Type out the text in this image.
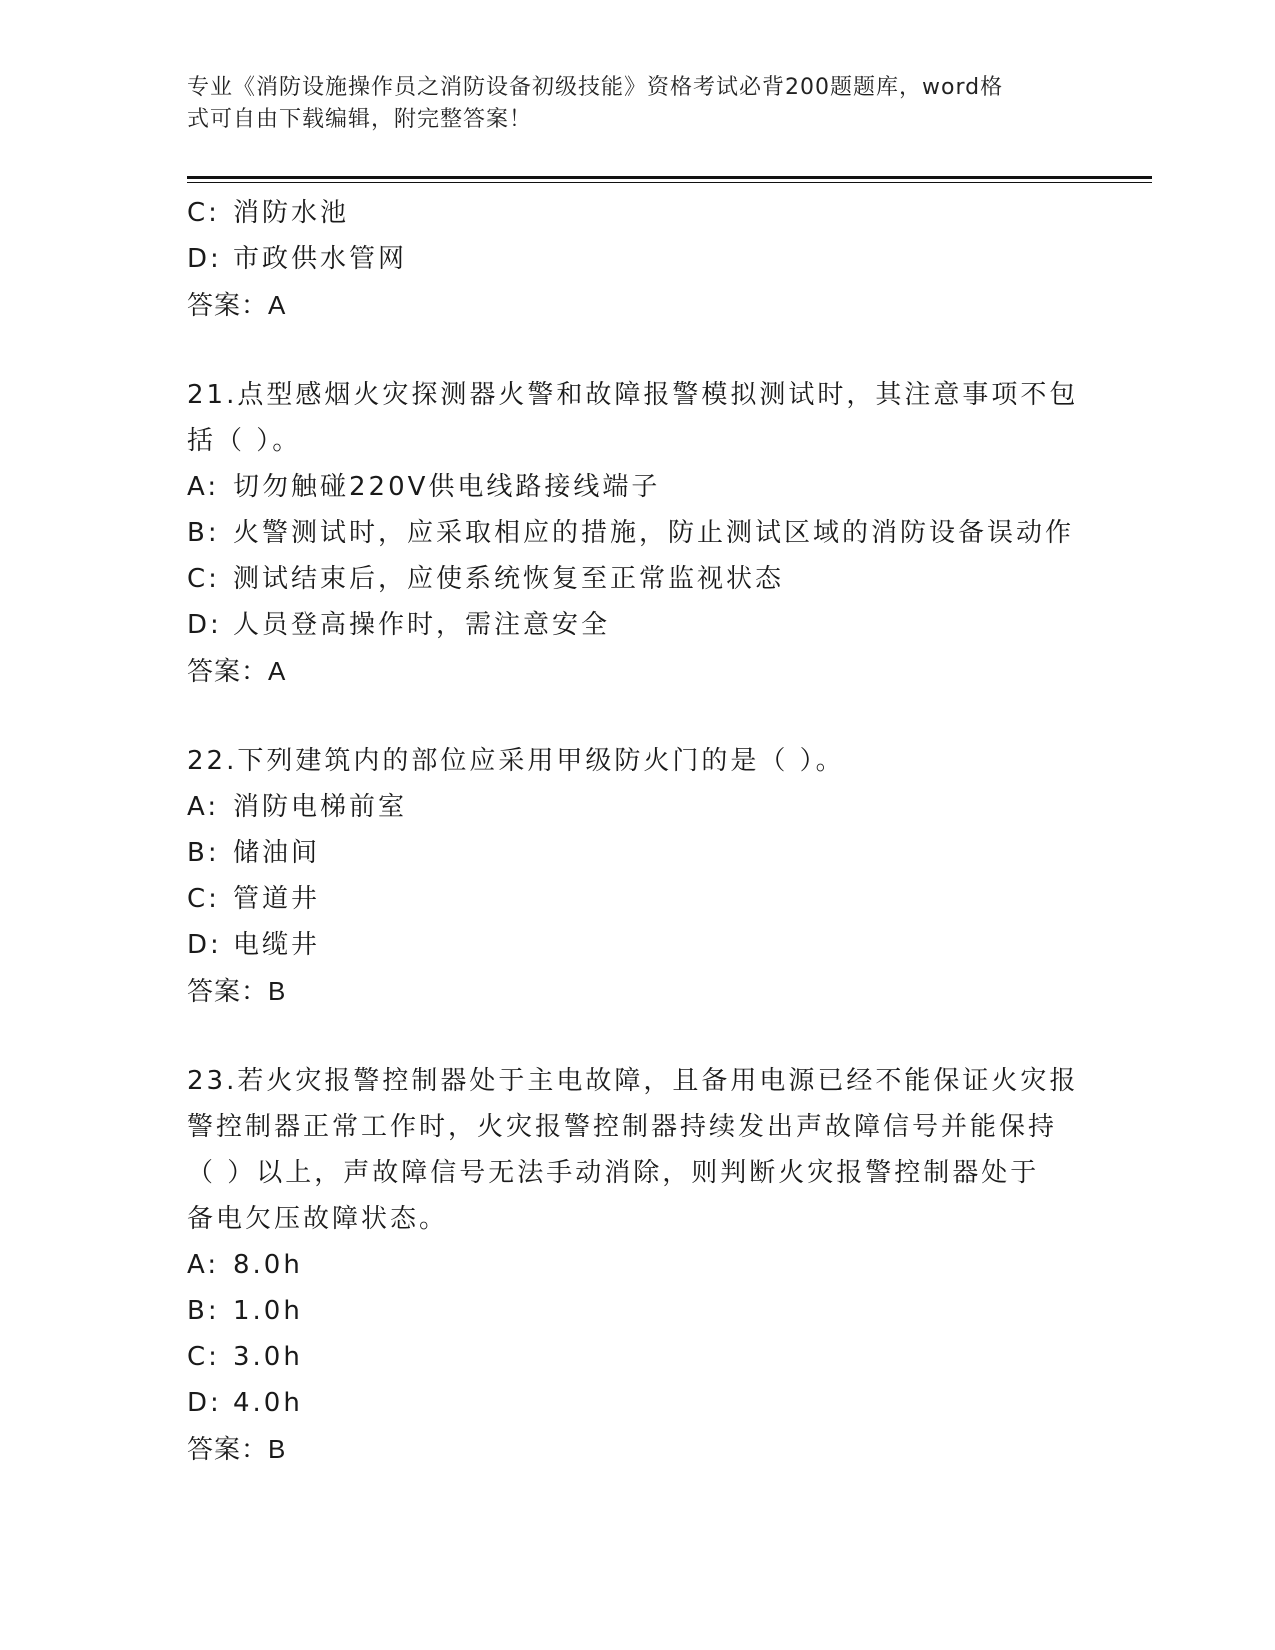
专业《消防设施操作员之消防设备初级技能》资格考试必背200题题库，word格
式可自由下载编辑，附完整答案！
C: 消防水池
D: 市政供水管网
答案：A
21.点型感烟火灾探测器火警和故障报警模拟测试时，其注意事项不包
括（ ）。
A: 切勿触碰220V供电线路接线端子
B: 火警测试时，应采取相应的措施，防止测试区域的消防设备误动作
C: 测试结束后，应使系统恢复至正常监视状态
D: 人员登高操作时，需注意安全
答案：A
22.下列建筑内的部位应采用甲级防火门的是（ ）。
A: 消防电梯前室
B: 储油间
C: 管道井
D: 电缆井
答案：B
23.若火灾报警控制器处于主电故障，且备用电源已经不能保证火灾报
警控制器正常工作时，火灾报警控制器持续发出声故障信号并能保持
（ ）以上，声故障信号无法手动消除，则判断火灾报警控制器处于
备电欠压故障状态。
A: 8.0h
B: 1.0h
C: 3.0h
D: 4.0h
答案：B
